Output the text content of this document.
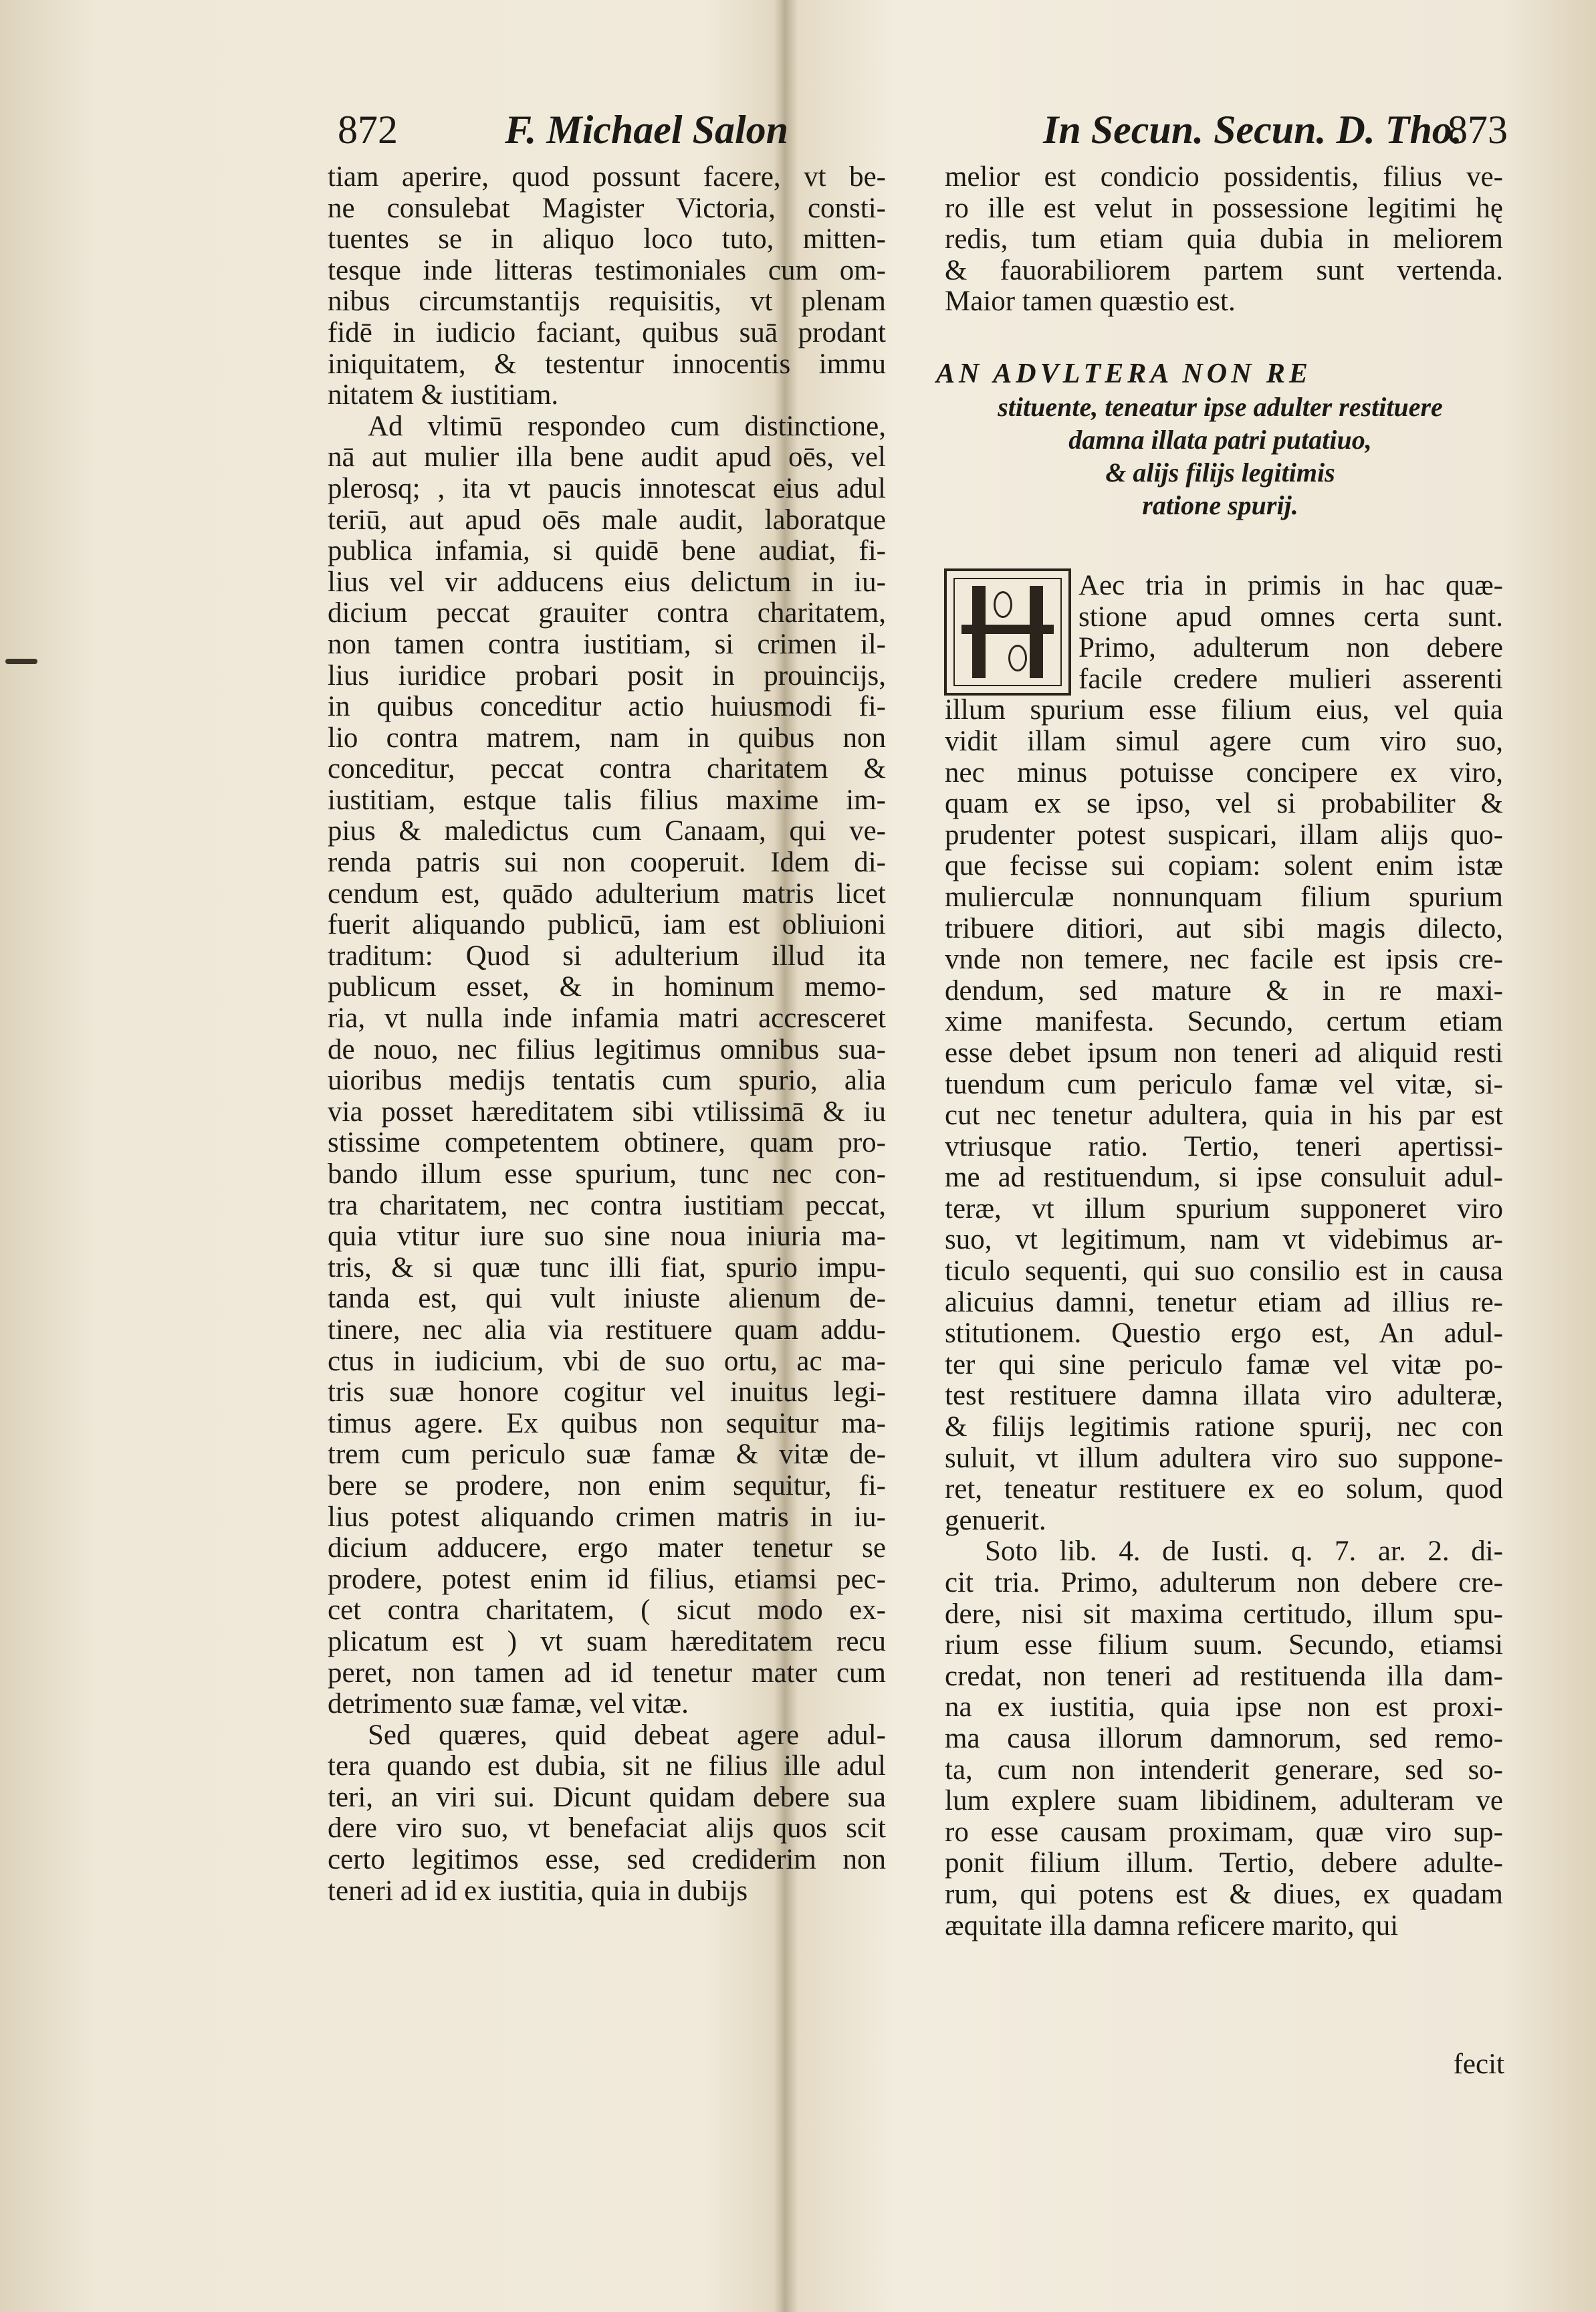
872	F. Michael Salon
tiam aperire, quod possunt facere, vt be-
ne consulebat Magister Victoria, consti-
tuentes se in aliquo loco tuto, mitten-
tesque inde litteras testimoniales cum om-
nibus circumstantijs requisitis, vt plenam
fidē in iudicio faciant, quibus suā prodant
iniquitatem, & testentur innocentis immu
nitatem & iustitiam.
Ad vltimū respondeo cum distinctione,
nā aut mulier illa bene audit apud oēs, vel
plerosq; , ita vt paucis innotescat eius adul
teriū, aut apud oēs male audit, laboratque
publica infamia, si quidē bene audiat, fi-
lius vel vir adducens eius delictum in iu-
dicium peccat grauiter contra charitatem,
non tamen contra iustitiam, si crimen il-
lius iuridice probari posit in prouincijs,
in quibus conceditur actio huiusmodi fi-
lio contra matrem, nam in quibus non
conceditur, peccat contra charitatem &
iustitiam, estque talis filius maxime im-
pius & maledictus cum Canaam, qui ve-
renda patris sui non cooperuit. Idem di-
cendum est, quādo adulterium matris licet
fuerit aliquando publicū, iam est obliuioni
traditum: Quod si adulterium illud ita
publicum esset, & in hominum memo-
ria, vt nulla inde infamia matri accresceret
de nouo, nec filius legitimus omnibus sua-
uioribus medijs tentatis cum spurio, alia
via posset hæreditatem sibi vtilissimā & iu
stissime competentem obtinere, quam pro-
bando illum esse spurium, tunc nec con-
tra charitatem, nec contra iustitiam peccat,
quia vtitur iure suo sine noua iniuria ma-
tris, & si quæ tunc illi fiat, spurio impu-
tanda est, qui vult iniuste alienum de-
tinere, nec alia via restituere quam addu-
ctus in iudicium, vbi de suo ortu, ac ma-
tris suæ honore cogitur vel inuitus legi-
timus agere. Ex quibus non sequitur ma-
trem cum periculo suæ famæ & vitæ de-
bere se prodere, non enim sequitur, fi-
lius potest aliquando crimen matris in iu-
dicium adducere, ergo mater tenetur se
prodere, potest enim id filius, etiamsi pec-
cet contra charitatem, ( sicut modo ex-
plicatum est ) vt suam hæreditatem recu
peret, non tamen ad id tenetur mater cum
detrimento suæ famæ, vel vitæ.
Sed quæres, quid debeat agere adul-
tera quando est dubia, sit ne filius ille adul
teri, an viri sui. Dicunt quidam debere sua
dere viro suo, vt benefaciat alijs quos scit
certo legitimos esse, sed crediderim non
teneri ad id ex iustitia, quia in dubijs
In Secun. Secun. D. Tho.
873
melior est condicio possidentis, filius ve-
ro ille est velut in possessione legitimi hę
redis, tum etiam quia dubia in meliorem
& fauorabiliorem partem sunt vertenda.
Maior tamen quæstio est.
AN ADVLTERA NON RE
stituente, teneatur ipse adulter restituere
damna illata patri putatiuo,
& alijs filijs legitimis
ratione spurij.
Aec tria in primis in hac quæ-
stione apud omnes certa sunt.
Primo, adulterum non debere
facile credere mulieri asserenti
illum spurium esse filium eius, vel quia
vidit illam simul agere cum viro suo,
nec minus potuisse concipere ex viro,
quam ex se ipso, vel si probabiliter &
prudenter potest suspicari, illam alijs quo-
que fecisse sui copiam: solent enim istæ
mulierculæ nonnunquam filium spurium
tribuere ditiori, aut sibi magis dilecto,
vnde non temere, nec facile est ipsis cre-
dendum, sed mature & in re maxi-
xime manifesta. Secundo, certum etiam
esse debet ipsum non teneri ad aliquid resti
tuendum cum periculo famæ vel vitæ, si-
cut nec tenetur adultera, quia in his par est
vtriusque ratio. Tertio, teneri apertissi-
me ad restituendum, si ipse consuluit adul-
teræ, vt illum spurium supponeret viro
suo, vt legitimum, nam vt videbimus ar-
ticulo sequenti, qui suo consilio est in causa
alicuius damni, tenetur etiam ad illius re-
stitutionem. Questio ergo est, An adul-
ter qui sine periculo famæ vel vitæ po-
test restituere damna illata viro adulteræ,
& filijs legitimis ratione spurij, nec con
suluit, vt illum adultera viro suo suppone-
ret, teneatur restituere ex eo solum, quod
genuerit.
Soto lib. 4. de Iusti. q. 7. ar. 2. di-
cit tria. Primo, adulterum non debere cre-
dere, nisi sit maxima certitudo, illum spu-
rium esse filium suum. Secundo, etiamsi
credat, non teneri ad restituenda illa dam-
na ex iustitia, quia ipse non est proxi-
ma causa illorum damnorum, sed remo-
ta, cum non intenderit generare, sed so-
lum explere suam libidinem, adulteram ve
ro esse causam proximam, quæ viro sup-
ponit filium illum. Tertio, debere adulte-
rum, qui potens est & diues, ex quadam
æquitate illa damna reficere marito, qui
fecit
